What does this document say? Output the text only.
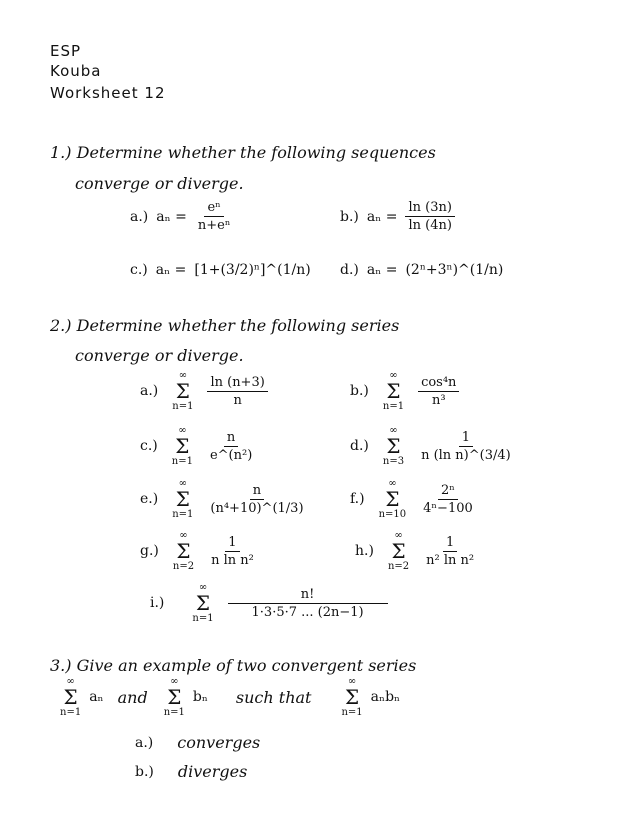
ESP
Kouba
Worksheet 12
1.) Determine whether the following sequences
converge or diverge.
a.) $a_n = \frac{\text{eⁿ}}{\text{n+eⁿ}}$	b.) $a_n = \frac{\ln (3n)}{\ln (4n)}$
c.) aₙ = [1+(3/2)ⁿ]^(1/n) d.) aₙ = (2ⁿ+3ⁿ)^(1/n)
2.) Determine whether the following series
converge or diverge.
a.)
∞
Σ
$n=1 \frac{\ln (n+3)}{n}$	b.)
∞
Σ
$n=1 \frac{\text{cos⁴n}}{\text{n³}}$
c.)
∞
Σ
$n=1 \frac{n}{\text{e\textasciicircum{}(n²)}}$	d.)
∞
Σ
$n=3 \frac{1}{\text{n (ln n)\textasciicircum{}(3/4)}}$
e.)
∞
Σ
$n=1 \frac{n}{\text{(n⁴+10)\textasciicircum{}(1/3)}}$	f.)
∞
Σ
$n=10 \frac{\text{2ⁿ}}{\text{4ⁿ−100}}$
g.)
∞
Σ
$n=2 \frac{1}{\text{n ln n²}}$	h.)
∞
Σ
$n=2 \frac{1}{\text{n² ln n²}}$
i.)
∞
Σ
$n=1 \frac{n!}{1\cdot 3\cdot 5\cdot 7 ... (2n-1)}$
3.) Give an example of two convergent series
∞
Σ
n=1
aₙ and
∞
Σ
n=1
bₙ such that
∞
Σ
n=1
aₙbₙ
a.) converges
b.) diverges
